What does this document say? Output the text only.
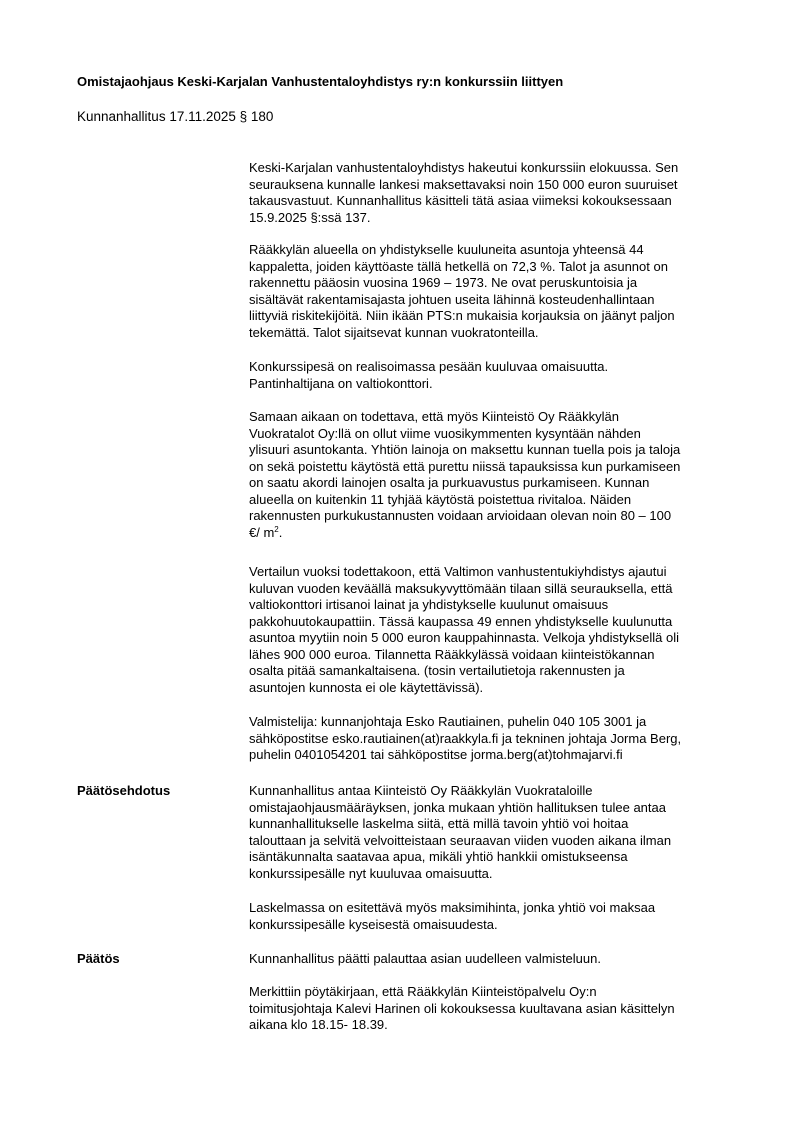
Omistajaohjaus Keski-Karjalan Vanhustentaloyhdistys ry:n konkurssiin liittyen
Kunnanhallitus 17.11.2025 § 180
Keski-Karjalan vanhustentaloyhdistys hakeutui konkurssiin elokuussa. Sen
seurauksena kunnalle lankesi maksettavaksi noin 150 000 euron suuruiset
takausvastuut. Kunnanhallitus käsitteli tätä asiaa viimeksi kokouksessaan
15.9.2025 §:ssä 137.
Rääkkylän alueella on yhdistykselle kuuluneita asuntoja yhteensä 44
kappaletta, joiden käyttöaste tällä hetkellä on 72,3 %. Talot ja asunnot on
rakennettu pääosin vuosina 1969 – 1973. Ne ovat peruskuntoisia ja
sisältävät rakentamisajasta johtuen useita lähinnä kosteudenhallintaan
liittyviä riskitekijöitä. Niin ikään PTS:n mukaisia korjauksia on jäänyt paljon
tekemättä. Talot sijaitsevat kunnan vuokratonteilla.
Konkurssipesä on realisoimassa pesään kuuluvaa omaisuutta.
Pantinhaltijana on valtiokonttori.
Samaan aikaan on todettava, että myös Kiinteistö Oy Rääkkylän
Vuokratalot Oy:llä on ollut viime vuosikymmenten kysyntään nähden
ylisuuri asuntokanta. Yhtiön lainoja on maksettu kunnan tuella pois ja taloja
on sekä poistettu käytöstä että purettu niissä tapauksissa kun purkamiseen
on saatu akordi lainojen osalta ja purkuavustus purkamiseen. Kunnan
alueella on kuitenkin 11 tyhjää käytöstä poistettua rivitaloa. Näiden
rakennusten purkukustannusten voidaan arvioidaan olevan noin 80 – 100
€/ $m^2$.
Vertailun vuoksi todettakoon, että Valtimon vanhustentukiyhdistys ajautui
kuluvan vuoden keväällä maksukyvyttömään tilaan sillä seurauksella, että
valtiokonttori irtisanoi lainat ja yhdistykselle kuulunut omaisuus
pakkohuutokaupattiin. Tässä kaupassa 49 ennen yhdistykselle kuulunutta
asuntoa myytiin noin 5 000 euron kauppahinnasta. Velkoja yhdistyksellä oli
lähes 900 000 euroa. Tilannetta Rääkkylässä voidaan kiinteistökannan
osalta pitää samankaltaisena. (tosin vertailutietoja rakennusten ja
asuntojen kunnosta ei ole käytettävissä).
Valmistelija: kunnanjohtaja Esko Rautiainen, puhelin 040 105 3001 ja
sähköpostitse esko.rautiainen(at)raakkyla.fi ja tekninen johtaja Jorma Berg,
puhelin 0401054201 tai sähköpostitse jorma.berg(at)tohmajarvi.fi
Päätösehdotus	Kunnanhallitus antaa Kiinteistö Oy Rääkkylän Vuokrataloille
omistajaohjausmääräyksen, jonka mukaan yhtiön hallituksen tulee antaa
kunnanhallitukselle laskelma siitä, että millä tavoin yhtiö voi hoitaa
talouttaan ja selvitä velvoitteistaan seuraavan viiden vuoden aikana ilman
isäntäkunnalta saatavaa apua, mikäli yhtiö hankkii omistukseensa
konkurssipesälle nyt kuuluvaa omaisuutta.
Laskelmassa on esitettävä myös maksimihinta, jonka yhtiö voi maksaa
konkurssipesälle kyseisestä omaisuudesta.
Päätös	Kunnanhallitus päätti palauttaa asian uudelleen valmisteluun.
Merkittiin pöytäkirjaan, että Rääkkylän Kiinteistöpalvelu Oy:n
toimitusjohtaja Kalevi Harinen oli kokouksessa kuultavana asian käsittelyn
aikana klo 18.15- 18.39.
